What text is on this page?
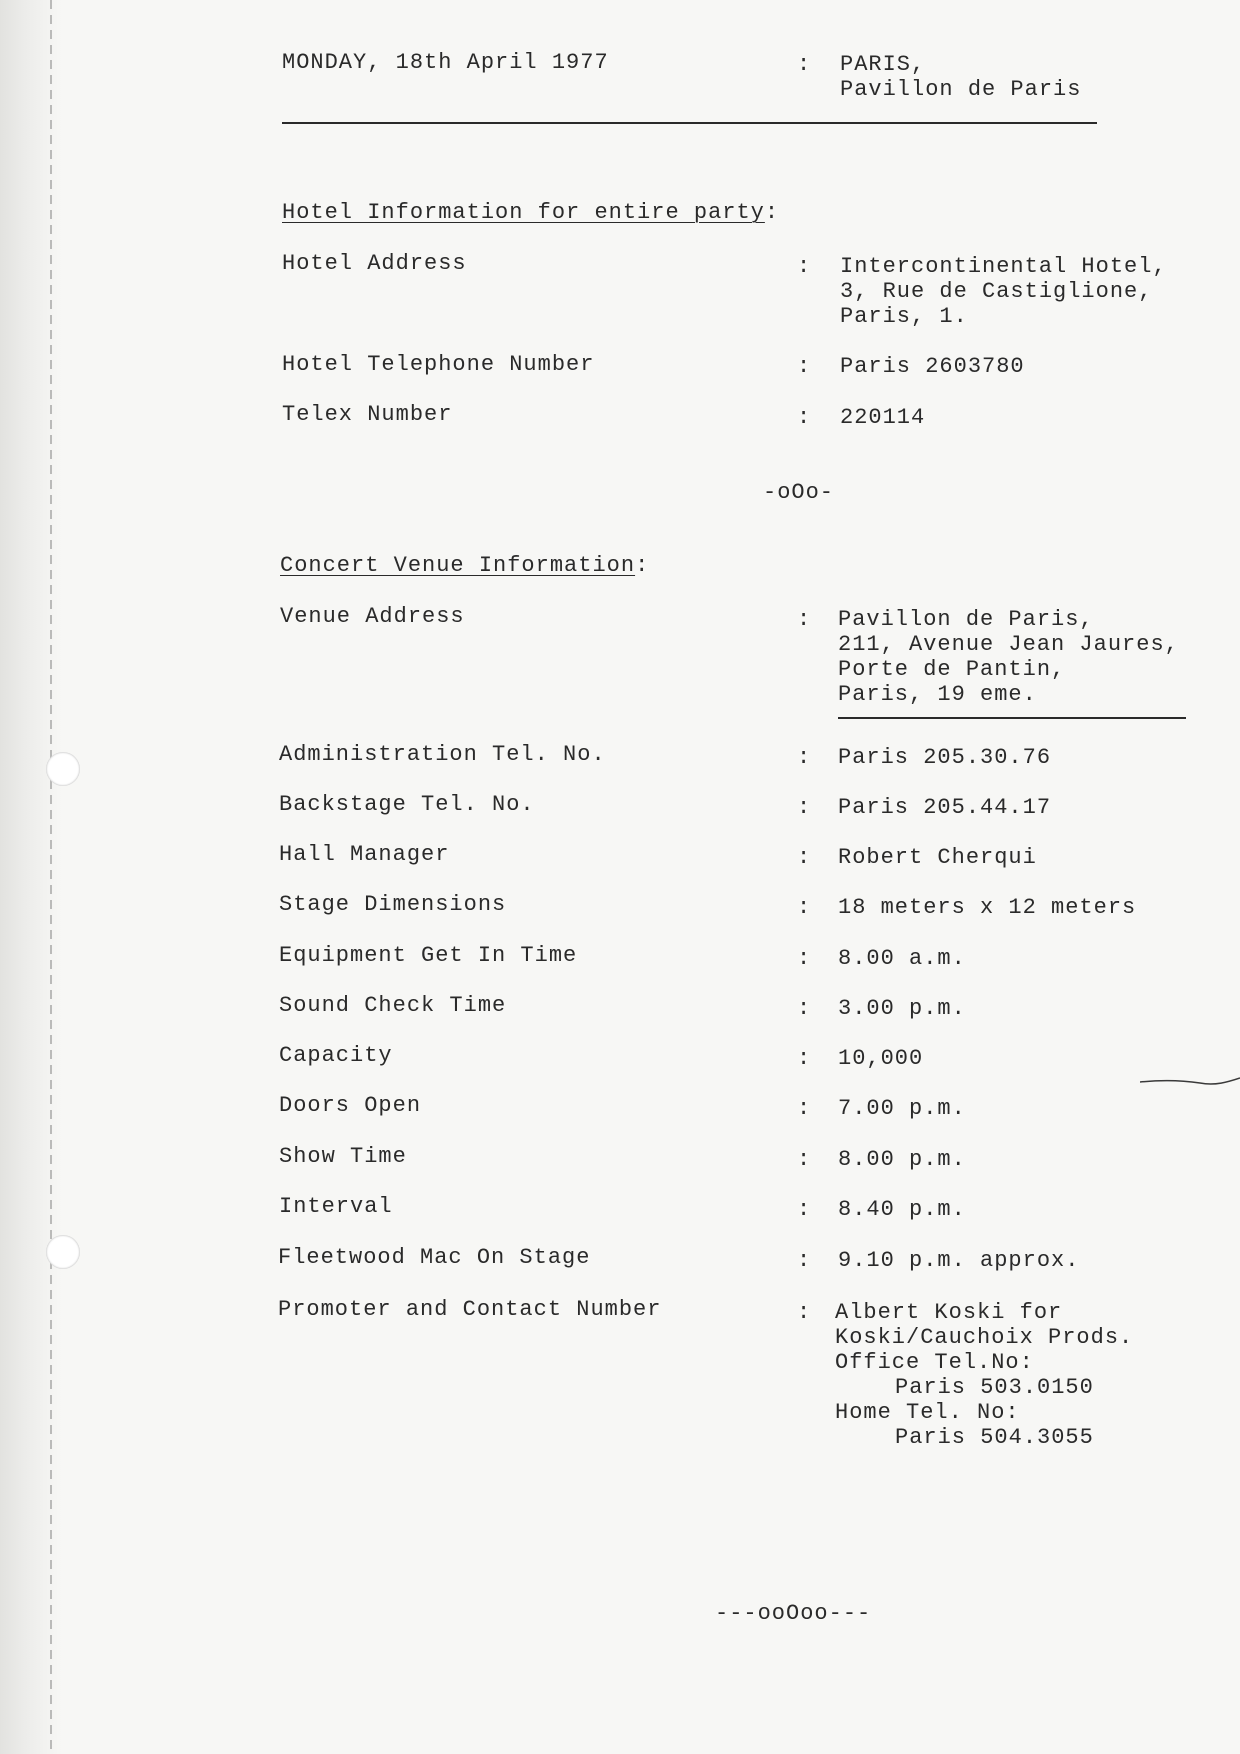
MONDAY, 18th April 1977	: PARIS,
Pavillon de Paris
Hotel Information for entire party:
Hotel Address	: Intercontinental Hotel,
3, Rue de Castiglione,
Paris, 1.
Hotel Telephone Number	: Paris 2603780
Telex Number	: 220114
-oOo-
Concert Venue Information:
Venue Address	: Pavillon de Paris,
211, Avenue Jean Jaures,
Porte de Pantin,
Paris, 19 eme.
Administration Tel. No.	: Paris 205.30.76
Backstage Tel. No.	: Paris 205.44.17
Hall Manager	: Robert Cherqui
Stage Dimensions	: 18 meters x 12 meters
Equipment Get In Time	: 8.00 a.m.
Sound Check Time	: 3.00 p.m.
Capacity	: 10,000
Doors Open	: 7.00 p.m.
Show Time	: 8.00 p.m.
Interval	: 8.40 p.m.
Fleetwood Mac On Stage	: 9.10 p.m. approx.
Promoter and Contact Number	: Albert Koski for
Koski/Cauchoix Prods.
Office Tel.No:
Paris 503.0150
Home Tel. No:
Paris 504.3055
---ooOoo---
